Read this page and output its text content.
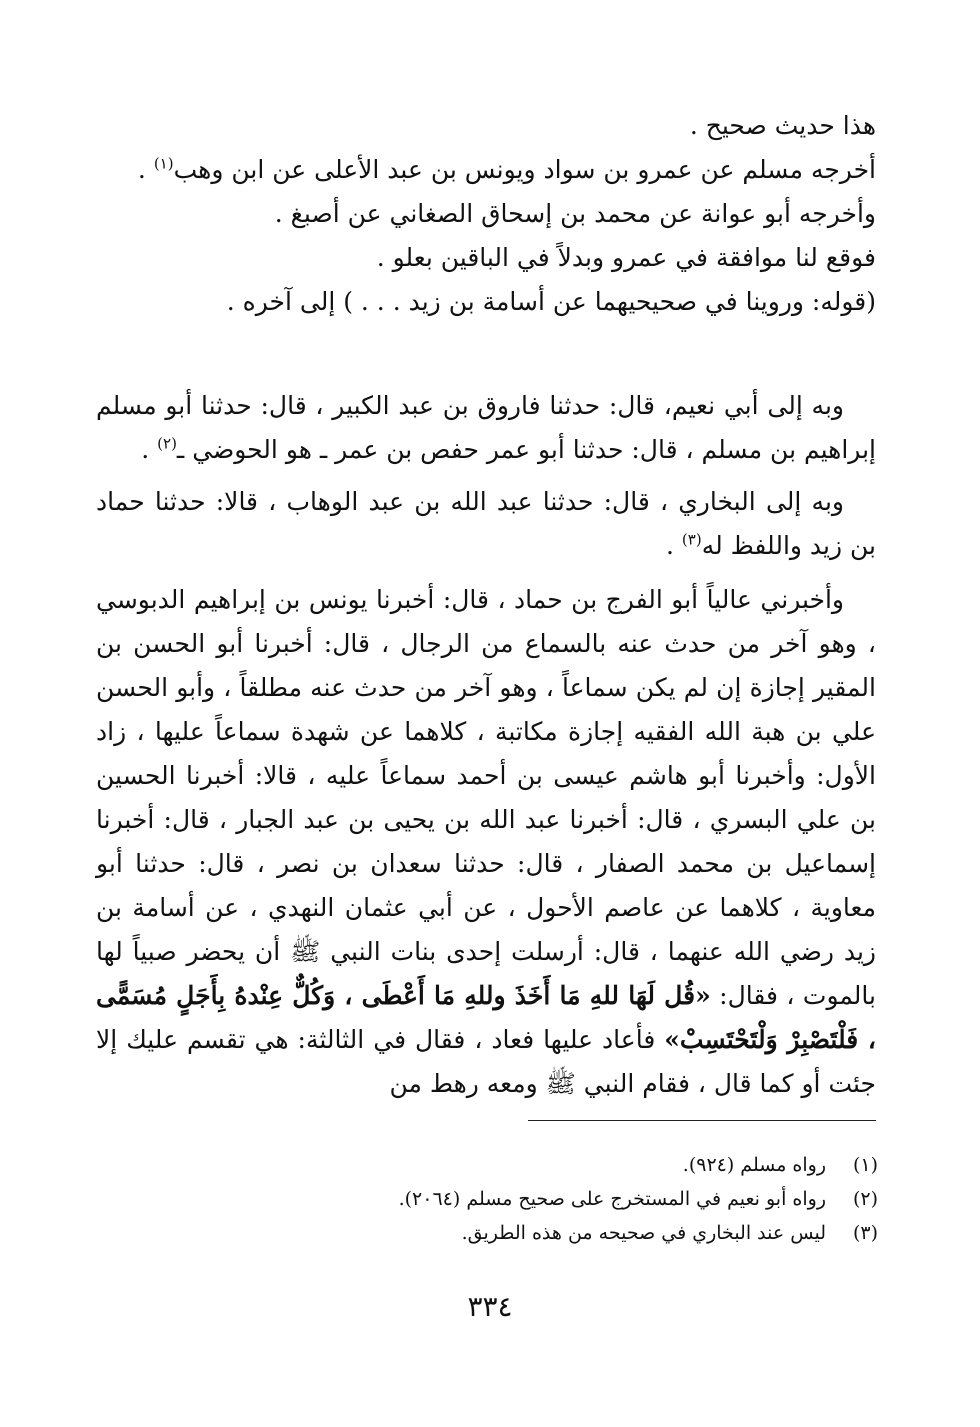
هذا حديث صحيح .
أخرجه مسلم عن عمرو بن سواد ويونس بن عبد الأعلى عن ابن وهب$^{(١)}$ .
وأخرجه أبو عوانة عن محمد بن إسحاق الصغاني عن أصبغ .
فوقع لنا موافقة في عمرو وبدلاً في الباقين بعلو .
(قوله: وروينا في صحيحيهما عن أسامة بن زيد . . . ) إلى آخره .
وبه إلى أبي نعيم، قال: حدثنا فاروق بن عبد الكبير ، قال: حدثنا أبو مسلم إبراهيم بن مسلم ، قال: حدثنا أبو عمر حفص بن عمر ـ هو الحوضي ـ$^{(٢)}$ .
وبه إلى البخاري ، قال: حدثنا عبد الله بن عبد الوهاب ، قالا: حدثنا حماد بن زيد واللفظ له$^{(٣)}$ .
وأخبرني عالياً أبو الفرج بن حماد ، قال: أخبرنا يونس بن إبراهيم الدبوسي ، وهو آخر من حدث عنه بالسماع من الرجال ، قال: أخبرنا أبو الحسن بن المقير إجازة إن لم يكن سماعاً ، وهو آخر من حدث عنه مطلقاً ، وأبو الحسن علي بن هبة الله الفقيه إجازة مكاتبة ، كلاهما عن شهدة سماعاً عليها ، زاد الأول: وأخبرنا أبو هاشم عيسى بن أحمد سماعاً عليه ، قالا: أخبرنا الحسين بن علي البسري ، قال: أخبرنا عبد الله بن يحيى بن عبد الجبار ، قال: أخبرنا إسماعيل بن محمد الصفار ، قال: حدثنا سعدان بن نصر ، قال: حدثنا أبو معاوية ، كلاهما عن عاصم الأحول ، عن أبي عثمان النهدي ، عن أسامة بن زيد رضي الله عنهما ، قال: أرسلت إحدى بنات النبي ﷺ أن يحضر صبياً لها بالموت ، فقال: «قُل لَهَا للهِ مَا أَخَذَ وللهِ مَا أَعْطَى ، وَكُلٌّ عِنْدهُ بِأَجَلٍ مُسَمًّى ، فَلْتَصْبِرْ وَلْتَحْتَسِبْ» فأعاد عليها فعاد ، فقال في الثالثة: هي تقسم عليك إلا جئت أو كما قال ، فقام النبي ﷺ ومعه رهط من
(١)
رواه مسلم (٩٢٤).
(٢)
رواه أبو نعيم في المستخرج على صحيح مسلم (٢٠٦٤).
(٣)
ليس عند البخاري في صحيحه من هذه الطريق.
٣٣٤
